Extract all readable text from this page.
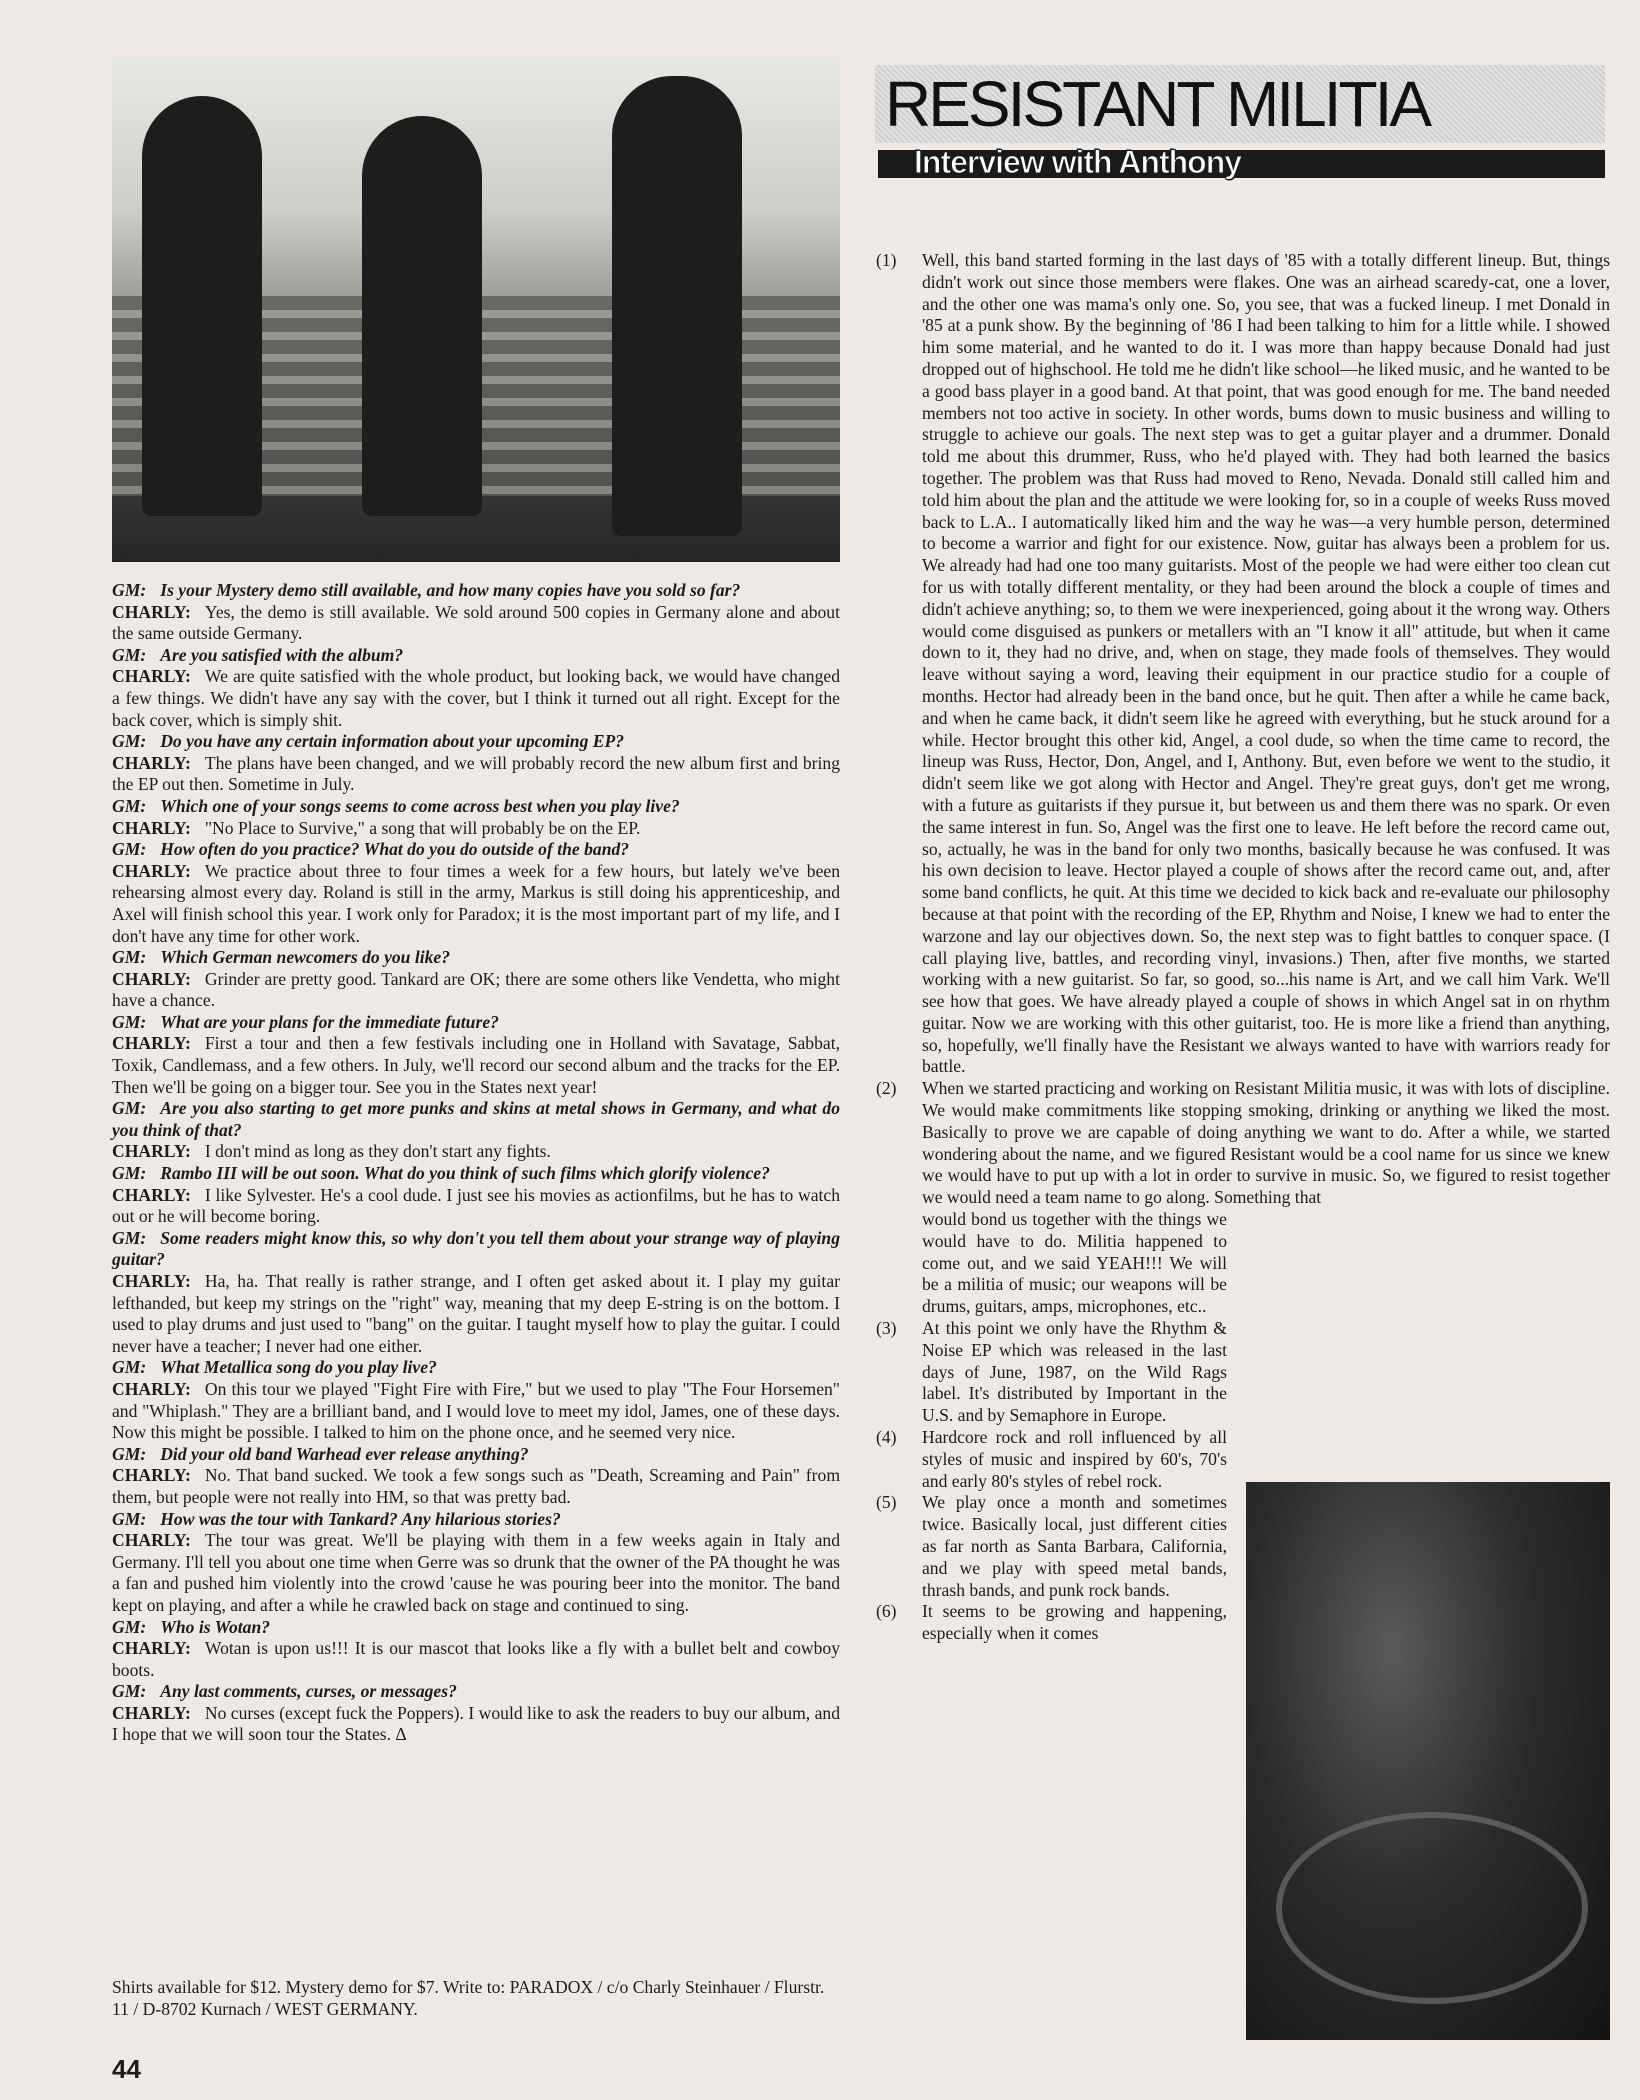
GM: Is your Mystery demo still available, and how many copies have you sold so far?

CHARLY: Yes, the demo is still available. We sold around 500 copies in Germany alone and about the same outside Germany.

GM: Are you satisfied with the album?

CHARLY: We are quite satisfied with the whole product, but looking back, we would have changed a few things. We didn't have any say with the cover, but I think it turned out all right. Except for the back cover, which is simply shit.

GM: Do you have any certain information about your upcoming EP?

CHARLY: The plans have been changed, and we will probably record the new album first and bring the EP out then. Sometime in July.

GM: Which one of your songs seems to come across best when you play live?

CHARLY: "No Place to Survive," a song that will probably be on the EP.

GM: How often do you practice? What do you do outside of the band?

CHARLY: We practice about three to four times a week for a few hours, but lately we've been rehearsing almost every day. Roland is still in the army, Markus is still doing his apprenticeship, and Axel will finish school this year. I work only for Paradox; it is the most important part of my life, and I don't have any time for other work.

GM: Which German newcomers do you like?

CHARLY: Grinder are pretty good. Tankard are OK; there are some others like Vendetta, who might have a chance.

GM: What are your plans for the immediate future?

CHARLY: First a tour and then a few festivals including one in Holland with Savatage, Sabbat, Toxik, Candlemass, and a few others. In July, we'll record our second album and the tracks for the EP. Then we'll be going on a bigger tour. See you in the States next year!

GM: Are you also starting to get more punks and skins at metal shows in Germany, and what do you think of that?

CHARLY: I don't mind as long as they don't start any fights.

GM: Rambo III will be out soon. What do you think of such films which glorify violence?

CHARLY: I like Sylvester. He's a cool dude. I just see his movies as actionfilms, but he has to watch out or he will become boring.

GM: Some readers might know this, so why don't you tell them about your strange way of playing guitar?

CHARLY: Ha, ha. That really is rather strange, and I often get asked about it. I play my guitar lefthanded, but keep my strings on the "right" way, meaning that my deep E-string is on the bottom. I used to play drums and just used to "bang" on the guitar. I taught myself how to play the guitar. I could never have a teacher; I never had one either.

GM: What Metallica song do you play live?

CHARLY: On this tour we played "Fight Fire with Fire," but we used to play "The Four Horsemen" and "Whiplash." They are a brilliant band, and I would love to meet my idol, James, one of these days. Now this might be possible. I talked to him on the phone once, and he seemed very nice.

GM: Did your old band Warhead ever release anything?

CHARLY: No. That band sucked. We took a few songs such as "Death, Screaming and Pain" from them, but people were not really into HM, so that was pretty bad.

GM: How was the tour with Tankard? Any hilarious stories?

CHARLY: The tour was great. We'll be playing with them in a few weeks again in Italy and Germany. I'll tell you about one time when Gerre was so drunk that the owner of the PA thought he was a fan and pushed him violently into the crowd 'cause he was pouring beer into the monitor. The band kept on playing, and after a while he crawled back on stage and continued to sing.

GM: Who is Wotan?

CHARLY: Wotan is upon us!!! It is our mascot that looks like a fly with a bullet belt and cowboy boots.

GM: Any last comments, curses, or messages?

CHARLY: No curses (except fuck the Poppers). I would like to ask the readers to buy our album, and I hope that we will soon tour the States. Δ

Shirts available for $12. Mystery demo for $7. Write to: PARADOX / c/o Charly Steinhauer / Flurstr. 11 / D-8702 Kurnach / WEST GERMANY.
44
RESISTANT MILITIA
Interview with Anthony
(1)	Well, this band started forming in the last days of '85 with a totally different lineup. But, things didn't work out since those members were flakes. One was an airhead scaredy-cat, one a lover, and the other one was mama's only one. So, you see, that was a fucked lineup. I met Donald in '85 at a punk show. By the beginning of '86 I had been talking to him for a little while. I showed him some material, and he wanted to do it. I was more than happy because Donald had just dropped out of highschool. He told me he didn't like school—he liked music, and he wanted to be a good bass player in a good band. At that point, that was good enough for me. The band needed members not too active in society. In other words, bums down to music business and willing to struggle to achieve our goals. The next step was to get a guitar player and a drummer. Donald told me about this drummer, Russ, who he'd played with. They had both learned the basics together. The problem was that Russ had moved to Reno, Nevada. Donald still called him and told him about the plan and the attitude we were looking for, so in a couple of weeks Russ moved back to L.A.. I automatically liked him and the way he was—a very humble person, determined to become a warrior and fight for our existence. Now, guitar has always been a problem for us. We already had had one too many guitarists. Most of the people we had were either too clean cut for us with totally different mentality, or they had been around the block a couple of times and didn't achieve anything; so, to them we were inexperienced, going about it the wrong way. Others would come disguised as punkers or metallers with an "I know it all" attitude, but when it came down to it, they had no drive, and, when on stage, they made fools of themselves. They would leave without saying a word, leaving their equipment in our practice studio for a couple of months. Hector had already been in the band once, but he quit. Then after a while he came back, and when he came back, it didn't seem like he agreed with everything, but he stuck around for a while. Hector brought this other kid, Angel, a cool dude, so when the time came to record, the lineup was Russ, Hector, Don, Angel, and I, Anthony. But, even before we went to the studio, it didn't seem like we got along with Hector and Angel. They're great guys, don't get me wrong, with a future as guitarists if they pursue it, but between us and them there was no spark. Or even the same interest in fun. So, Angel was the first one to leave. He left before the record came out, so, actually, he was in the band for only two months, basically because he was confused. It was his own decision to leave. Hector played a couple of shows after the record came out, and, after some band conflicts, he quit. At this time we decided to kick back and re-evaluate our philosophy because at that point with the recording of the EP, Rhythm and Noise, I knew we had to enter the warzone and lay our objectives down. So, the next step was to fight battles to conquer space. (I call playing live, battles, and recording vinyl, invasions.) Then, after five months, we started working with a new guitarist. So far, so good, so...his name is Art, and we call him Vark. We'll see how that goes. We have already played a couple of shows in which Angel sat in on rhythm guitar. Now we are working with this other guitarist, too. He is more like a friend than anything, so, hopefully, we'll finally have the Resistant we always wanted to have with warriors ready for battle.
(2)	When we started practicing and working on Resistant Militia music, it was with lots of discipline. We would make commitments like stopping smoking, drinking or anything we liked the most. Basically to prove we are capable of doing anything we want to do. After a while, we started wondering about the name, and we figured Resistant would be a cool name for us since we knew we would have to put up with a lot in order to survive in music. So, we figured to resist together we would need a team name to go along. Something that
would bond us together with the things we would have to do. Militia happened to come out, and we said YEAH!!! We will be a militia of music; our weapons will be drums, guitars, amps, microphones, etc..
(3)	At this point we only have the Rhythm & Noise EP which was released in the last days of June, 1987, on the Wild Rags label. It's distributed by Important in the U.S. and by Semaphore in Europe.
(4)	Hardcore rock and roll influenced by all styles of music and inspired by 60's, 70's and early 80's styles of rebel rock.
(5)	We play once a month and sometimes twice. Basically local, just different cities as far north as Santa Barbara, California, and we play with speed metal bands, thrash bands, and punk rock bands.
(6)	It seems to be growing and happening, especially when it comes
